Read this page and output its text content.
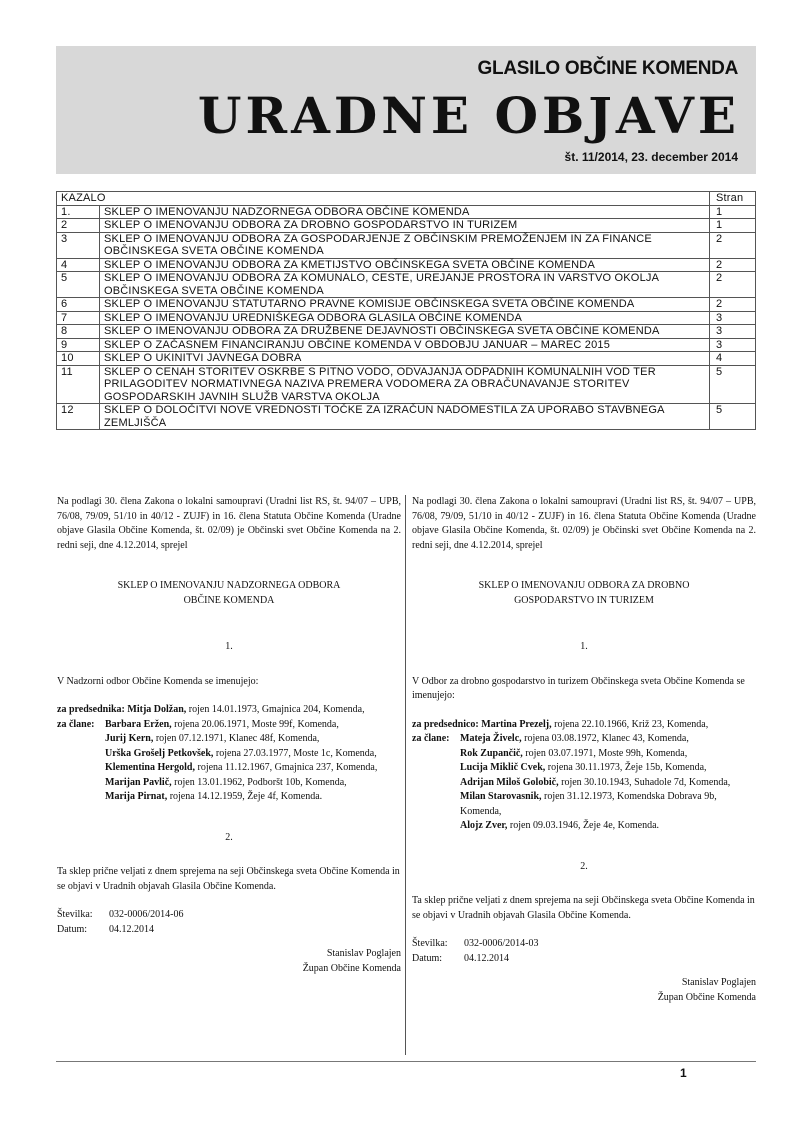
GLASILO OBČINE KOMENDA
URADNE OBJAVE
št. 11/2014, 23. december 2014
KAZALO		Stran
1.	SKLEP O IMENOVANJU NADZORNEGA ODBORA OBČINE KOMENDA	1
2	SKLEP O IMENOVANJU ODBORA ZA DROBNO GOSPODARSTVO IN TURIZEM	1
3	SKLEP O IMENOVANJU ODBORA ZA GOSPODARJENJE Z OBČINSKIM PREMOŽENJEM IN ZA FINANCE OBČINSKEGA SVETA OBČINE KOMENDA	2
4	SKLEP O IMENOVANJU ODBORA ZA KMETIJSTVO OBČINSKEGA SVETA OBČINE KOMENDA	2
5	SKLEP O IMENOVANJU ODBORA ZA KOMUNALO, CESTE, UREJANJE PROSTORA IN VARSTVO OKOLJA OBČINSKEGA SVETA OBČINE KOMENDA	2
6	SKLEP O IMENOVANJU STATUTARNO PRAVNE KOMISIJE OBČINSKEGA SVETA OBČINE KOMENDA	2
7	SKLEP O IMENOVANJU UREDNIŠKEGA ODBORA GLASILA OBČINE KOMENDA	3
8	SKLEP O IMENOVANJU ODBORA ZA DRUŽBENE DEJAVNOSTI OBČINSKEGA SVETA OBČINE KOMENDA	3
9	SKLEP O ZAČASNEM FINANCIRANJU OBČINE KOMENDA V OBDOBJU JANUAR – MAREC 2015	3
10	SKLEP O UKINITVI JAVNEGA DOBRA	4
11	SKLEP O CENAH STORITEV OSKRBE S PITNO VODO, ODVAJANJA ODPADNIH KOMUNALNIH VOD TER PRILAGODITEV NORMATIVNEGA NAZIVA PREMERA VODOMERA ZA OBRAČUNAVANJE STORITEV GOSPODARSKIH JAVNIH SLUŽB VARSTVA OKOLJA	5
12	SKLEP O DOLOČITVI NOVE VREDNOSTI TOČKE ZA IZRAČUN NADOMESTILA ZA UPORABO STAVBNEGA ZEMLJIŠČA	5
Na podlagi 30. člena Zakona o lokalni samoupravi (Uradni list RS, št. 94/07 – UPB, 76/08, 79/09, 51/10 in 40/12 - ZUJF) in 16. člena Statuta Občine Komenda (Uradne objave Glasila Občine Komenda, št. 02/09) je Občinski svet Občine Komenda na 2. redni seji, dne 4.12.2014, sprejel
SKLEP O IMENOVANJU NADZORNEGA ODBORA
OBČINE KOMENDA
1.
V Nadzorni odbor Občine Komenda se imenujejo:
za predsednika: Mitja Dolžan, rojen 14.01.1973, Gmajnica 204, Komenda,
za člane:	Barbara Eržen, rojena 20.06.1971, Moste 99f, Komenda,
Jurij Kern, rojen 07.12.1971, Klanec 48f, Komenda,
Urška Grošelj Petkovšek, rojena 27.03.1977, Moste 1c, Komenda,
Klementina Hergold, rojena 11.12.1967, Gmajnica 237, Komenda,
Marijan Pavlič, rojen 13.01.1962, Podboršt 10b, Komenda,
Marija Pirnat, rojena 14.12.1959, Žeje 4f, Komenda.
2.
Ta sklep prične veljati z dnem sprejema na seji Občinskega sveta Občine Komenda in se objavi v Uradnih objavah Glasila Občine Komenda.
Številka:	032-0006/2014-06
Datum:	04.12.2014
Stanislav Poglajen
Župan Občine Komenda
Na podlagi 30. člena Zakona o lokalni samoupravi (Uradni list RS, št. 94/07 – UPB, 76/08, 79/09, 51/10 in 40/12 - ZUJF) in 16. člena Statuta Občine Komenda (Uradne objave Glasila Občine Komenda, št. 02/09) je Občinski svet Občine Komenda na 2. redni seji, dne 4.12.2014, sprejel
SKLEP O IMENOVANJU ODBORA ZA DROBNO
GOSPODARSTVO IN TURIZEM
1.
V Odbor za drobno gospodarstvo in turizem Občinskega sveta Občine Komenda se imenujejo:
za predsednico: Martina Prezelj, rojena 22.10.1966, Križ 23, Komenda,
za člane:	Mateja Živelc, rojena 03.08.1972, Klanec 43, Komenda,
Rok Zupančič, rojen 03.07.1971, Moste 99h, Komenda,
Lucija Miklič Cvek, rojena 30.11.1973, Žeje 15b, Komenda,
Adrijan Miloš Golobič, rojen 30.10.1943, Suhadole 7d, Komenda,
Milan Starovasnik, rojen 31.12.1973, Komendska Dobrava 9b, Komenda,
Alojz Zver, rojen 09.03.1946, Žeje 4e, Komenda.
2.
Ta sklep prične veljati z dnem sprejema na seji Občinskega sveta Občine Komenda in se objavi v Uradnih objavah Glasila Občine Komenda.
Številka:	032-0006/2014-03
Datum:	04.12.2014
Stanislav Poglajen
Župan Občine Komenda
1
